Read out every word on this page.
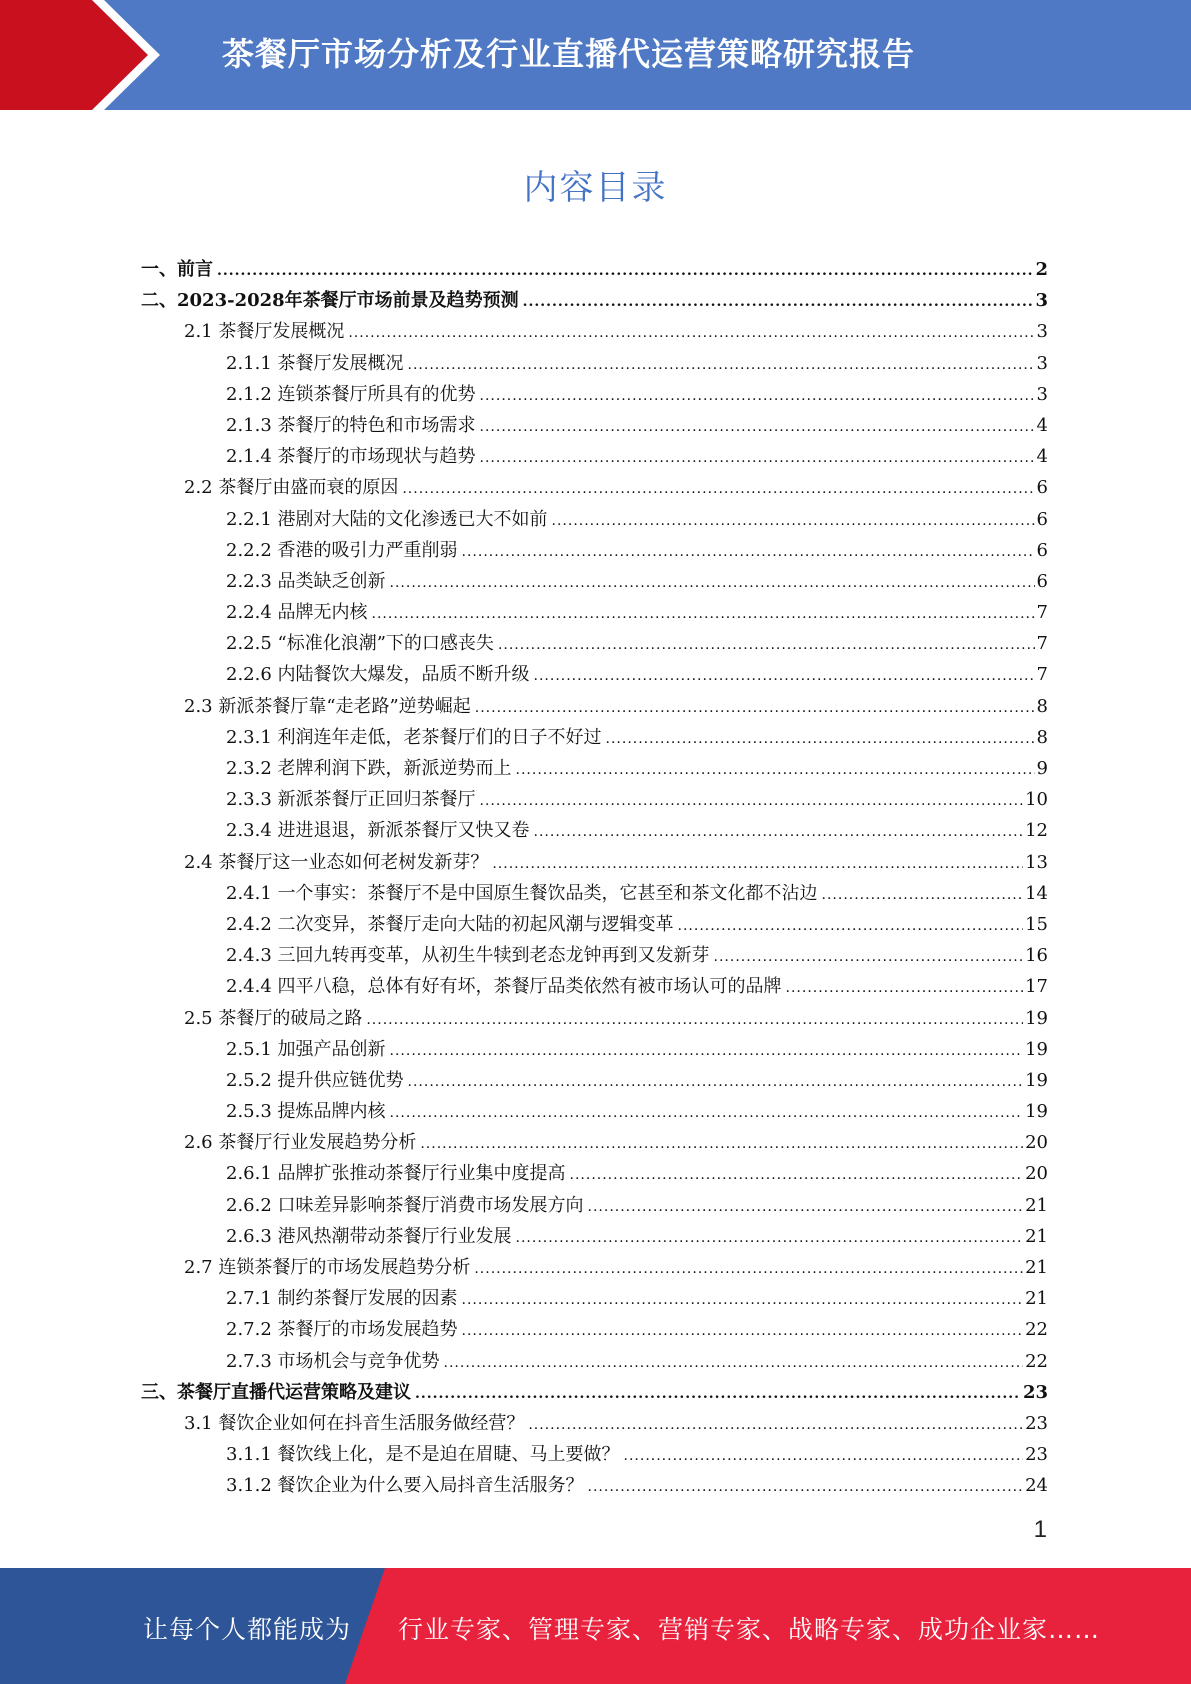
茶餐厅市场分析及行业直播代运营策略研究报告
内容目录
一、前言 .....	2
二、2023-2028年茶餐厅市场前景及趋势预测 .....	3
2.1 茶餐厅发展概况 .....	3
2.1.1 茶餐厅发展概况 .....	3
2.1.2 连锁茶餐厅所具有的优势 .....	3
2.1.3 茶餐厅的特色和市场需求 .....	4
2.1.4 茶餐厅的市场现状与趋势 .....	4
2.2 茶餐厅由盛而衰的原因 .....	6
2.2.1 港剧对大陆的文化渗透已大不如前 .....	6
2.2.2 香港的吸引力严重削弱 .....	6
2.2.3 品类缺乏创新 .....	6
2.2.4 品牌无内核 .....	7
2.2.5 “标准化浪潮”下的口感丧失 .....	7
2.2.6 内陆餐饮大爆发，品质不断升级 .....	7
2.3 新派茶餐厅靠“走老路”逆势崛起 .....	8
2.3.1 利润连年走低，老茶餐厅们的日子不好过 .....	8
2.3.2 老牌利润下跌，新派逆势而上 .....	9
2.3.3 新派茶餐厅正回归茶餐厅 .....	10
2.3.4 进进退退，新派茶餐厅又快又卷 .....	12
2.4 茶餐厅这一业态如何老树发新芽？ .....	13
2.4.1 一个事实：茶餐厅不是中国原生餐饮品类，它甚至和茶文化都不沾边 .....	14
2.4.2 二次变异，茶餐厅走向大陆的初起风潮与逻辑变革 .....	15
2.4.3 三回九转再变革，从初生牛犊到老态龙钟再到又发新芽 .....	16
2.4.4 四平八稳，总体有好有坏，茶餐厅品类依然有被市场认可的品牌 .....	17
2.5 茶餐厅的破局之路 .....	19
2.5.1 加强产品创新 .....	19
2.5.2 提升供应链优势 .....	19
2.5.3 提炼品牌内核 .....	19
2.6 茶餐厅行业发展趋势分析 .....	20
2.6.1 品牌扩张推动茶餐厅行业集中度提高 .....	20
2.6.2 口味差异影响茶餐厅消费市场发展方向 .....	21
2.6.3 港风热潮带动茶餐厅行业发展 .....	21
2.7 连锁茶餐厅的市场发展趋势分析 .....	21
2.7.1 制约茶餐厅发展的因素 .....	21
2.7.2 茶餐厅的市场发展趋势 .....	22
2.7.3 市场机会与竞争优势 .....	22
三、茶餐厅直播代运营策略及建议 .....	23
3.1 餐饮企业如何在抖音生活服务做经营？ .....	23
3.1.1 餐饮线上化，是不是迫在眉睫、马上要做？ .....	23
3.1.2 餐饮企业为什么要入局抖音生活服务？ .....	24
1
让每个人都能成为 行业专家、管理专家、营销专家、战略专家、成功企业家……
